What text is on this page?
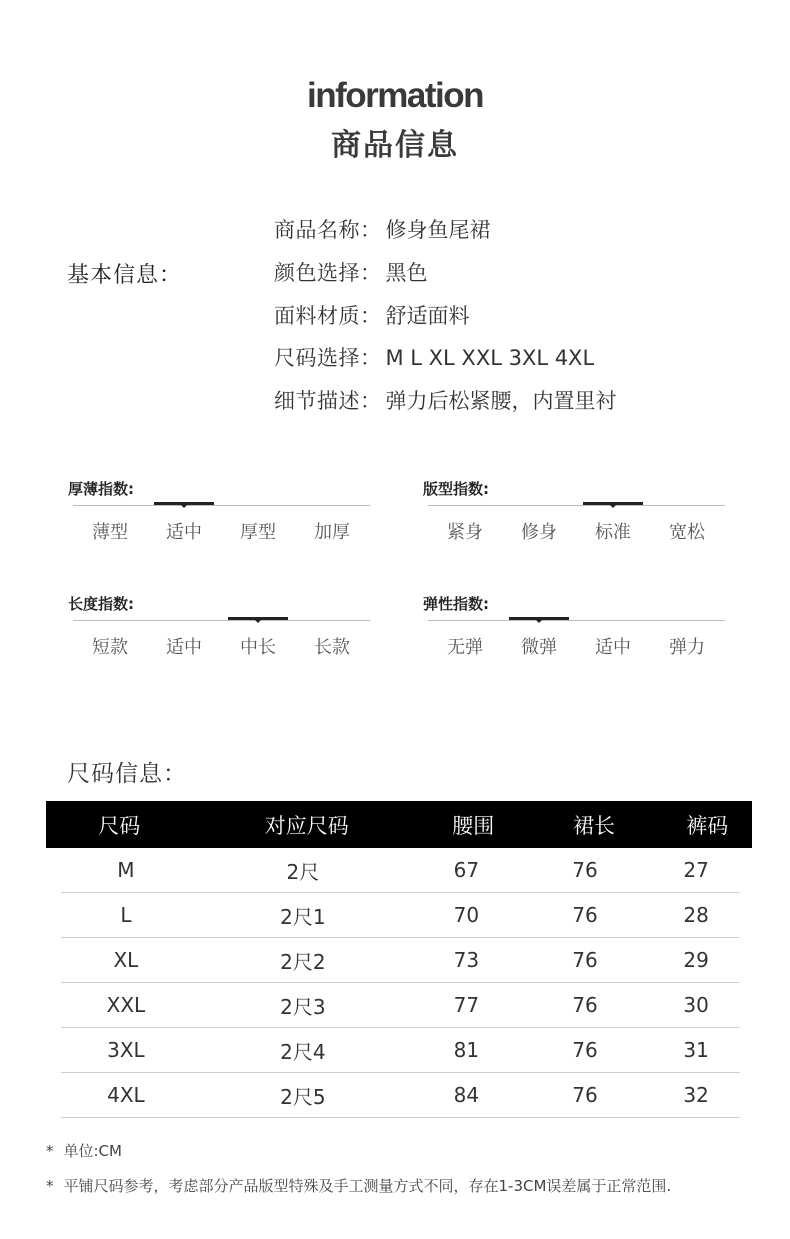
information
商品信息
基本信息：
商品名称： 修身鱼尾裙
颜色选择： 黑色
面料材质： 舒适面料
尺码选择： M L XL XXL 3XL 4XL
细节描述： 弹力后松紧腰，内置里衬
厚薄指数:
薄型	适中	厚型	加厚
版型指数:
紧身	修身	标准	宽松
长度指数:
短款	适中	中长	长款
弹性指数:
无弹	微弹	适中	弹力
尺码信息：
尺码	对应尺码	腰围	裙长	裤码
M	2尺	67	76	27
L	2尺1	70	76	28
XL	2尺2	73	76	29
XXL	2尺3	77	76	30
3XL	2尺4	81	76	31
4XL	2尺5	84	76	32
* 单位:CM
* 平铺尺码参考，考虑部分产品版型特殊及手工测量方式不同，存在1-3CM误差属于正常范围.
